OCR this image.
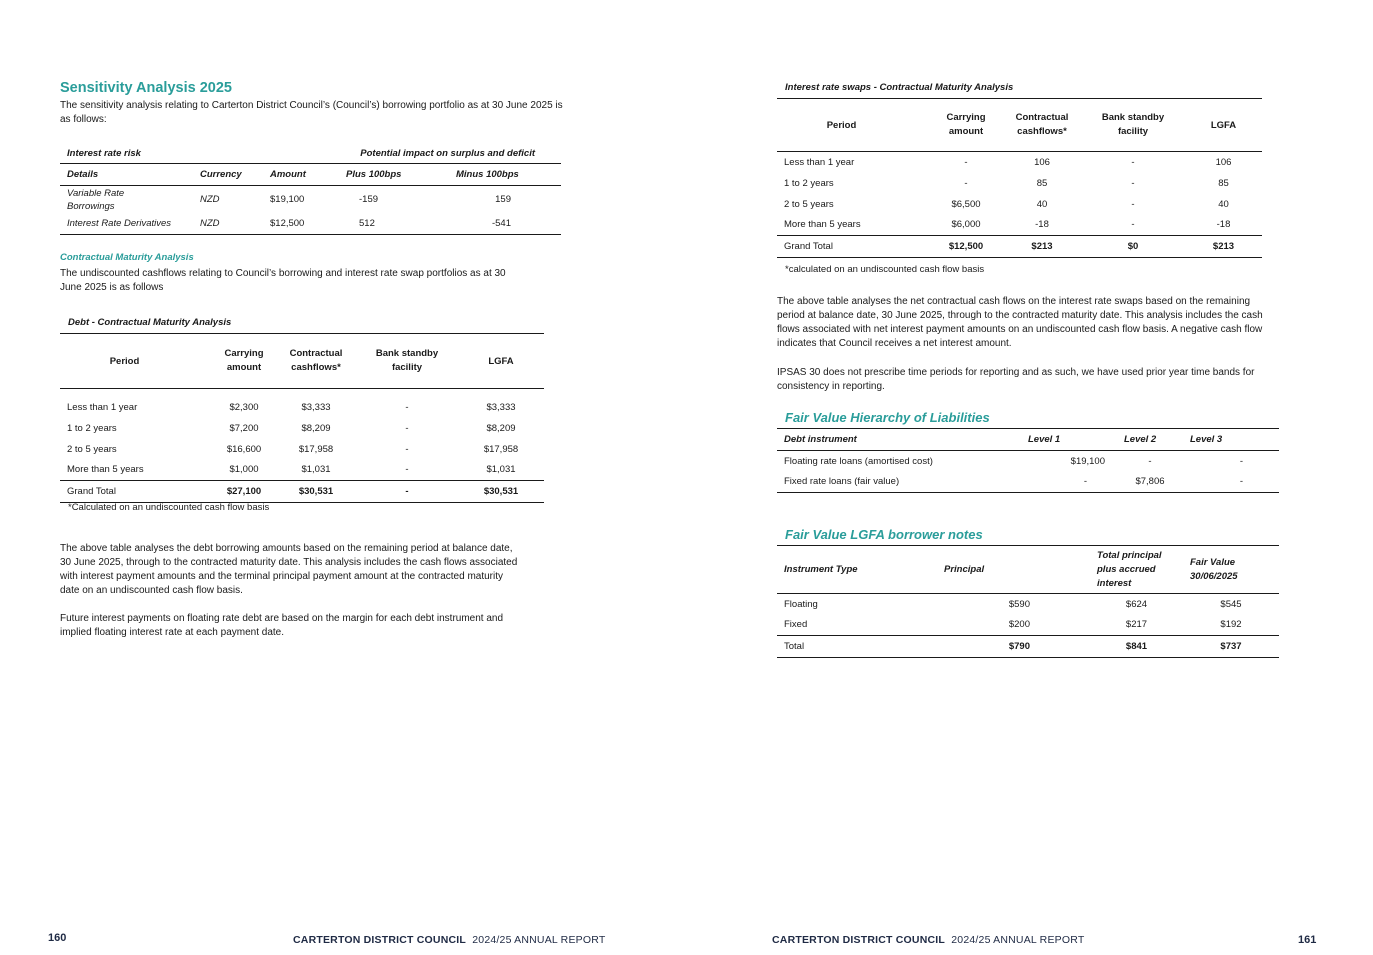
Sensitivity Analysis 2025

The sensitivity analysis relating to Carterton District Council’s (Council’s) borrowing portfolio as at 30 June 2025 is as follows:

Interest rate risk			Potential impact on surplus and deficit	
Details	Currency	Amount	Plus 100bps	Minus 100bps
Variable Rate Borrowings	NZD	$19,100	-159	159
Interest Rate Derivatives	NZD	$12,500	512	-541
Contractual Maturity Analysis

The undiscounted cashflows relating to Council’s borrowing and interest rate swap portfolios as at 30 June 2025 is as follows

Debt - Contractual Maturity Analysis
Period	Carrying amount	Contractual cashflows*	Bank standby facility	LGFA

Less than 1 year	$2,300	$3,333	-	$3,333
1 to 2 years	$7,200	$8,209	-	$8,209
2 to 5 years	$16,600	$17,958	-	$17,958
More than 5 years	$1,000	$1,031	-	$1,031
Grand Total	$27,100	$30,531	-	$30,531
*Calculated on an undiscounted cash flow basis

The above table analyses the debt borrowing amounts based on the remaining period at balance date, 30 June 2025, through to the contracted maturity date. This analysis includes the cash flows associated with interest payment amounts and the terminal principal payment amount at the contracted maturity date on an undiscounted cash flow basis.

Future interest payments on floating rate debt are based on the margin for each debt instrument and implied floating interest rate at each payment date.

160	CARTERTON DISTRICT COUNCIL 2024/25 ANNUAL REPORT
Interest rate swaps - Contractual Maturity Analysis
Period	Carrying amount	Contractual cashflows*	Bank standby facility	LGFA
Less than 1 year	-	106	-	106
1 to 2 years	-	85	-	85
2 to 5 years	$6,500	40	-	40
More than 5 years	$6,000	-18	-	-18
Grand Total	$12,500	$213	$0	$213
*calculated on an undiscounted cash flow basis

The above table analyses the net contractual cash flows on the interest rate swaps based on the remaining period at balance date, 30 June 2025, through to the contracted maturity date. This analysis includes the cash flows associated with net interest payment amounts on an undiscounted cash flow basis. A negative cash flow indicates that Council receives a net interest amount.

IPSAS 30 does not prescribe time periods for reporting and as such, we have used prior year time bands for consistency in reporting.

Fair Value Hierarchy of Liabilities
Debt instrument	Level 1	Level 2	Level 3
Floating rate loans (amortised cost)	$19,100	-	-
Fixed rate loans (fair value)	-	$7,806	-
Fair Value LGFA borrower notes
Instrument Type	Principal	Total principal plus accrued interest	Fair Value 30/06/2025
Floating	$590	$624	$545
Fixed	$200	$217	$192
Total	$790	$841	$737
CARTERTON DISTRICT COUNCIL 2024/25 ANNUAL REPORT	161
